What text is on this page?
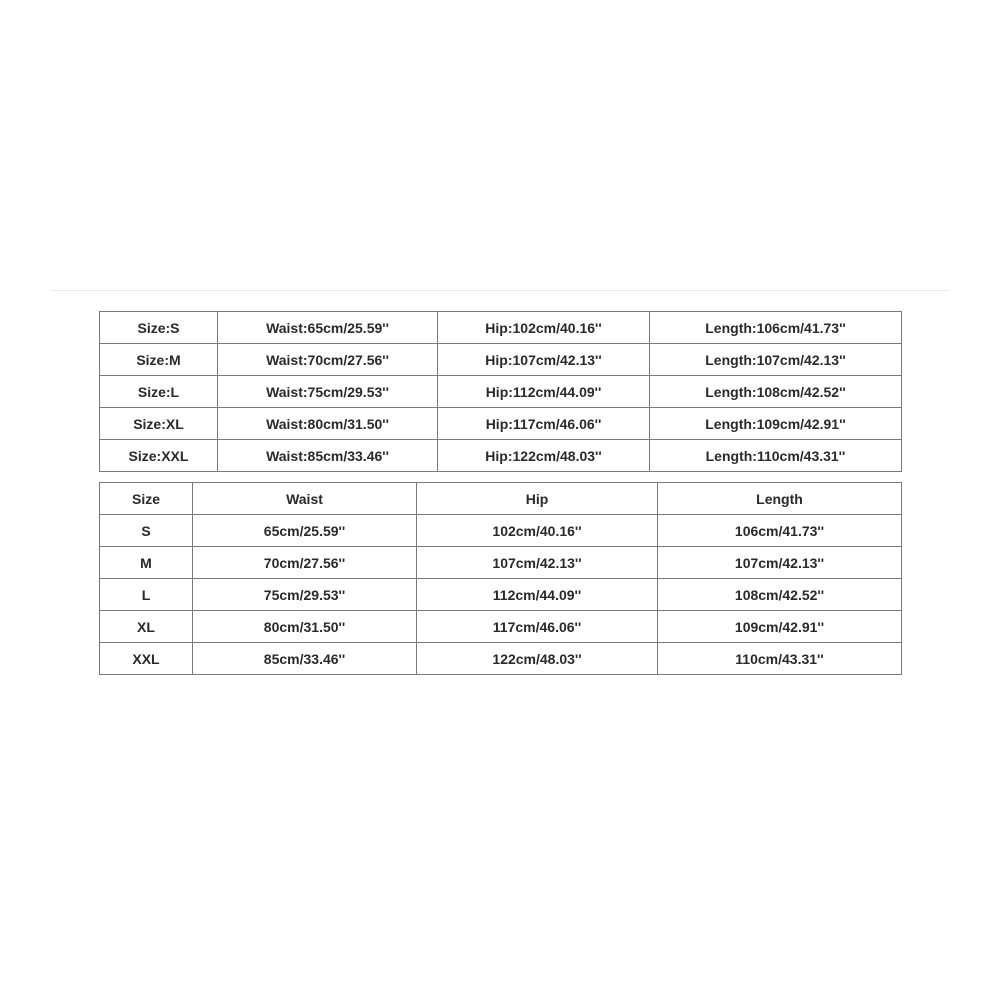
Size:S	Waist:65cm/25.59''	Hip:102cm/40.16''	Length:106cm/41.73''
Size:M	Waist:70cm/27.56''	Hip:107cm/42.13''	Length:107cm/42.13''
Size:L	Waist:75cm/29.53''	Hip:112cm/44.09''	Length:108cm/42.52''
Size:XL	Waist:80cm/31.50''	Hip:117cm/46.06''	Length:109cm/42.91''
Size:XXL	Waist:85cm/33.46''	Hip:122cm/48.03''	Length:110cm/43.31''
Size	Waist	Hip	Length
S	65cm/25.59''	102cm/40.16''	106cm/41.73''
M	70cm/27.56''	107cm/42.13''	107cm/42.13''
L	75cm/29.53''	112cm/44.09''	108cm/42.52''
XL	80cm/31.50''	117cm/46.06''	109cm/42.91''
XXL	85cm/33.46''	122cm/48.03''	110cm/43.31''
